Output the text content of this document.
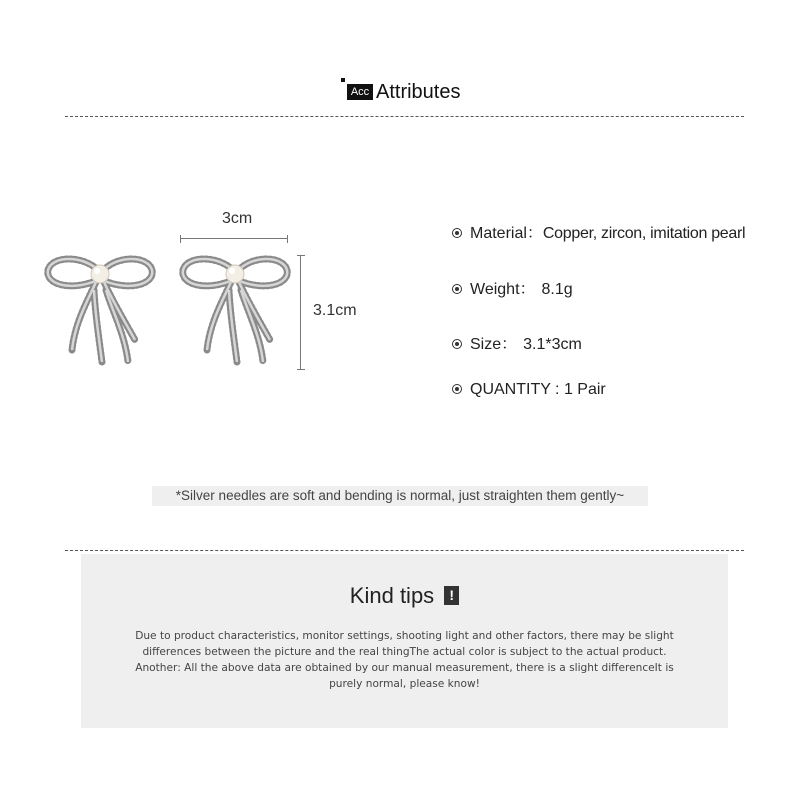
Acc Attributes
3cm
3.1cm
Material：Copper, zircon, imitation pearl
Weight： 8.1g
Size： 3.1*3cm
QUANTITY : 1 Pair
*Silver needles are soft and bending is normal, just straighten them gently~
Kind tips !
Due to product characteristics, monitor settings, shooting light and other factors, there may be slight
differences between the picture and the real thingThe actual color is subject to the actual product.
Another: All the above data are obtained by our manual measurement, there is a slight differenceIt is
purely normal, please know!
